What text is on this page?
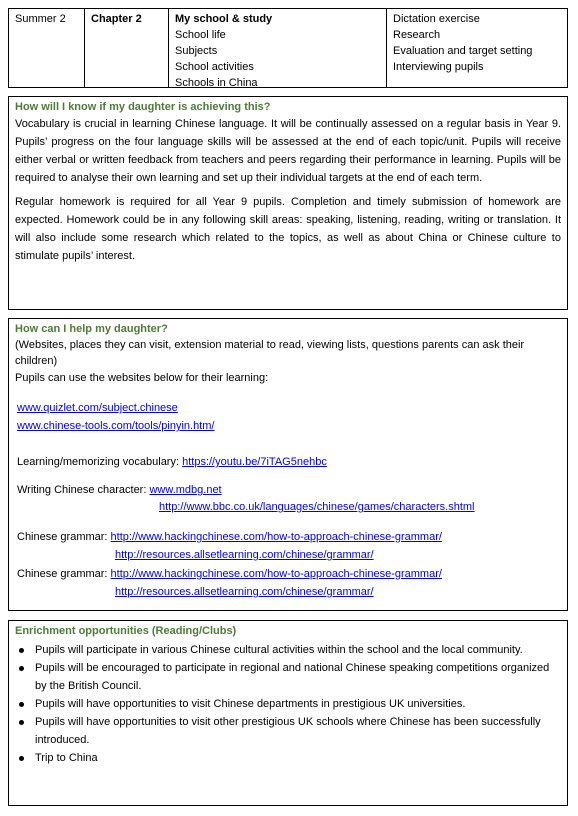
Summer 2	Chapter 2	My school & study
School life
Subjects
School activities
Schools in China
Dictation exercise
Research
Evaluation and target setting
Interviewing pupils
How will I know if my daughter is achieving this?

Vocabulary is crucial in learning Chinese language. It will be continually assessed on a regular basis in Year 9. Pupils’ progress on the four language skills will be assessed at the end of each topic/unit. Pupils will receive either verbal or written feedback from teachers and peers regarding their performance in learning. Pupils will be required to analyse their own learning and set up their individual targets at the end of each term.

Regular homework is required for all Year 9 pupils. Completion and timely submission of homework are expected. Homework could be in any following skill areas: speaking, listening, reading, writing or translation. It will also include some research which related to the topics, as well as about China or Chinese culture to stimulate pupils’ interest.

How can I help my daughter?

(Websites, places they can visit, extension material to read, viewing lists, questions parents can ask their children)

Pupils can use the websites below for their learning:

www.quizlet.com/subject.chinese
www.chinese-tools.com/tools/pinyin.htm/
Learning/memorizing vocabulary: https://youtu.be/7iTAG5nehbc
Writing Chinese character: www.mdbg.net
http://www.bbc.co.uk/languages/chinese/games/characters.shtml
Chinese grammar: http://www.hackingchinese.com/how-to-approach-chinese-grammar/
http://resources.allsetlearning.com/chinese/grammar/
Chinese grammar: http://www.hackingchinese.com/how-to-approach-chinese-grammar/
http://resources.allsetlearning.com/chinese/grammar/
Enrichment opportunities (Reading/Clubs)
Pupils will participate in various Chinese cultural activities within the school and the local community.
Pupils will be encouraged to participate in regional and national Chinese speaking competitions organized by the British Council.
Pupils will have opportunities to visit Chinese departments in prestigious UK universities.
Pupils will have opportunities to visit other prestigious UK schools where Chinese has been successfully introduced.
Trip to China
